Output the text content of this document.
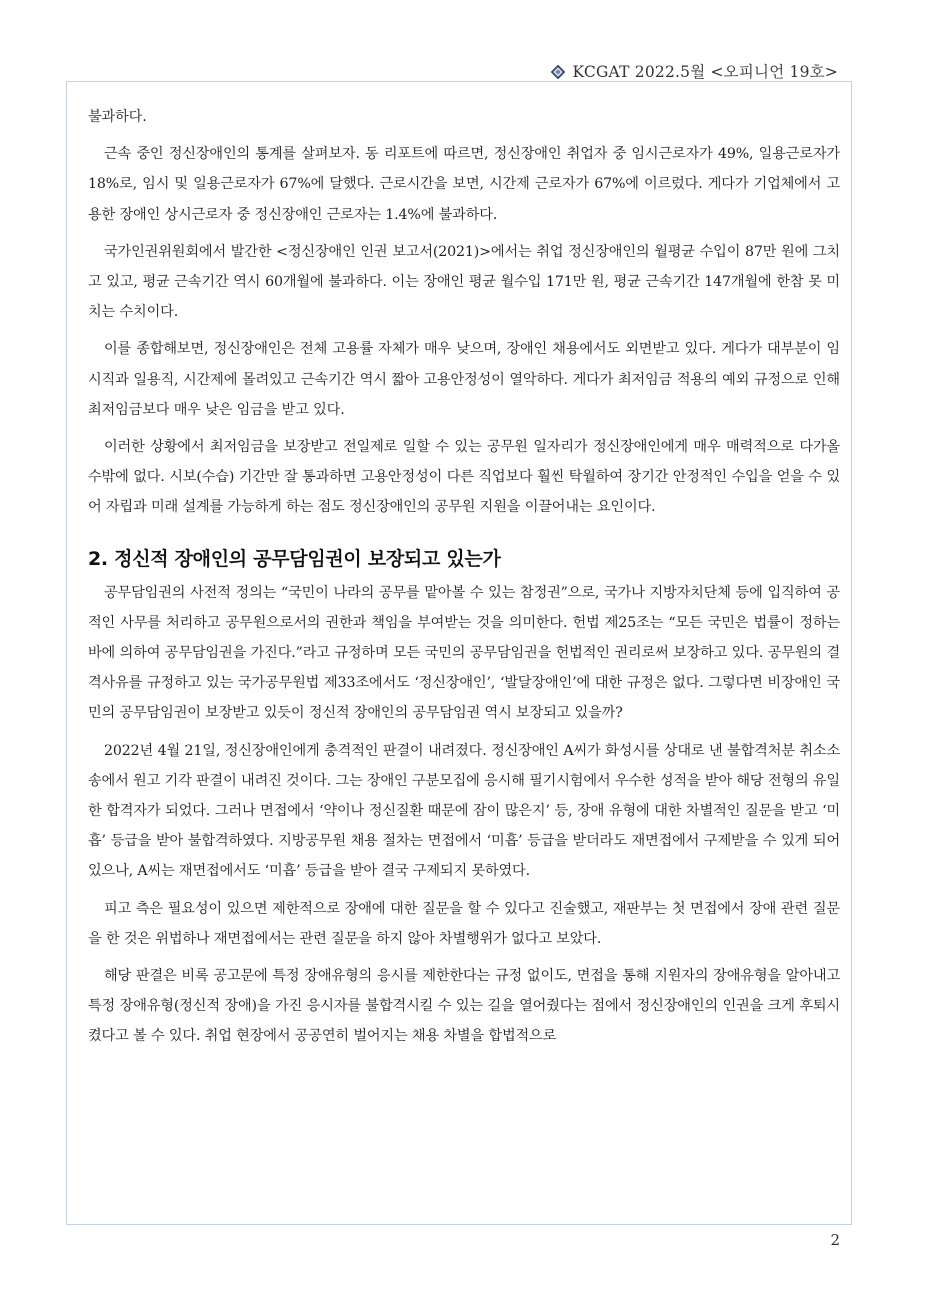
KCGAT 2022.5월 <오피니언 19호>

불과하다.

근속 중인 정신장애인의 통계를 살펴보자. 동 리포트에 따르면, 정신장애인 취업자 중 임시근로자가 49%, 일용근로자가 18%로, 임시 및 일용근로자가 67%에 달했다. 근로시간을 보면, 시간제 근로자가 67%에 이르렀다. 게다가 기업체에서 고용한 장애인 상시근로자 중 정신장애인 근로자는 1.4%에 불과하다.

국가인권위원회에서 발간한 <정신장애인 인권 보고서(2021)>에서는 취업 정신장애인의 월평균 수입이 87만 원에 그치고 있고, 평균 근속기간 역시 60개월에 불과하다. 이는 장애인 평균 월수입 171만 원, 평균 근속기간 147개월에 한참 못 미치는 수치이다.

이를 종합해보면, 정신장애인은 전체 고용률 자체가 매우 낮으며, 장애인 채용에서도 외면받고 있다. 게다가 대부분이 임시직과 일용직, 시간제에 몰려있고 근속기간 역시 짧아 고용안정성이 열악하다. 게다가 최저임금 적용의 예외 규정으로 인해 최저임금보다 매우 낮은 임금을 받고 있다.

이러한 상황에서 최저임금을 보장받고 전일제로 일할 수 있는 공무원 일자리가 정신장애인에게 매우 매력적으로 다가올 수밖에 없다. 시보(수습) 기간만 잘 통과하면 고용안정성이 다른 직업보다 훨씬 탁월하여 장기간 안정적인 수입을 얻을 수 있어 자립과 미래 설계를 가능하게 하는 점도 정신장애인의 공무원 지원을 이끌어내는 요인이다.

2. 정신적 장애인의 공무담임권이 보장되고 있는가

공무담임권의 사전적 정의는 “국민이 나라의 공무를 맡아볼 수 있는 참정권”으로, 국가나 지방자치단체 등에 입직하여 공적인 사무를 처리하고 공무원으로서의 권한과 책임을 부여받는 것을 의미한다. 헌법 제25조는 “모든 국민은 법률이 정하는 바에 의하여 공무담임권을 가진다.”라고 규정하며 모든 국민의 공무담임권을 헌법적인 권리로써 보장하고 있다. 공무원의 결격사유를 규정하고 있는 국가공무원법 제33조에서도 ‘정신장애인’, ‘발달장애인’에 대한 규정은 없다. 그렇다면 비장애인 국민의 공무담임권이 보장받고 있듯이 정신적 장애인의 공무담임권 역시 보장되고 있을까?

2022년 4월 21일, 정신장애인에게 충격적인 판결이 내려졌다. 정신장애인 A씨가 화성시를 상대로 낸 불합격처분 취소소송에서 원고 기각 판결이 내려진 것이다. 그는 장애인 구분모집에 응시해 필기시험에서 우수한 성적을 받아 해당 전형의 유일한 합격자가 되었다. 그러나 면접에서 ‘약이나 정신질환 때문에 잠이 많은지’ 등, 장애 유형에 대한 차별적인 질문을 받고 ‘미흡’ 등급을 받아 불합격하였다. 지방공무원 채용 절차는 면접에서 ‘미흡’ 등급을 받더라도 재면접에서 구제받을 수 있게 되어 있으나, A씨는 재면접에서도 ‘미흡’ 등급을 받아 결국 구제되지 못하였다.

피고 측은 필요성이 있으면 제한적으로 장애에 대한 질문을 할 수 있다고 진술했고, 재판부는 첫 면접에서 장애 관련 질문을 한 것은 위법하나 재면접에서는 관련 질문을 하지 않아 차별행위가 없다고 보았다.

해당 판결은 비록 공고문에 특정 장애유형의 응시를 제한한다는 규정 없이도, 면접을 통해 지원자의 장애유형을 알아내고 특정 장애유형(정신적 장애)을 가진 응시자를 불합격시킬 수 있는 길을 열어줬다는 점에서 정신장애인의 인권을 크게 후퇴시켰다고 볼 수 있다. 취업 현장에서 공공연히 벌어지는 채용 차별을 합법적으로

2
